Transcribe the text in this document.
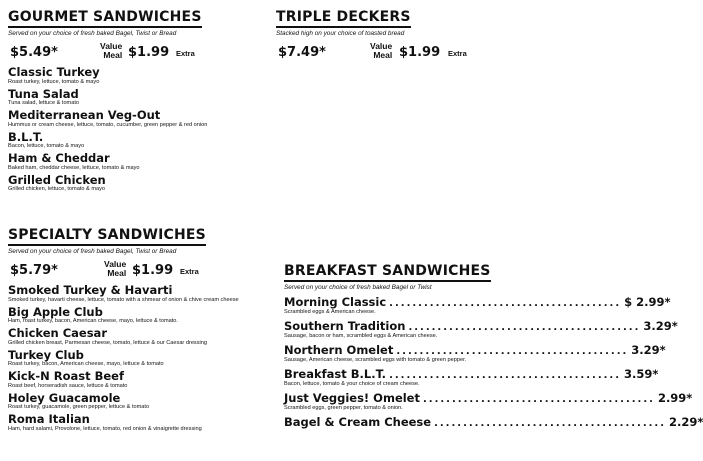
GOURMET SANDWICHES
Served on your choice of fresh baked Bagel, Twist or Bread
$5.49*	Value
Meal $1.99 Extra
Classic Turkey
Roast turkey, lettuce, tomato & mayo
Tuna Salad
Tuna salad, lettuce & tomato
Mediterranean Veg-Out
Hummus or cream cheese, lettuce, tomato, cucumber, green pepper & red onion
B.L.T.
Bacon, lettuce, tomato & mayo
Ham & Cheddar
Baked ham, cheddar cheese, lettuce, tomato & mayo
Grilled Chicken
Grilled chicken, lettuce, tomato & mayo
TRIPLE DECKERS
Stacked high on your choice of toasted bread
$7.49*	Value
Meal $1.99 Extra
SPECIALTY SANDWICHES
Served on your choice of fresh baked Bagel, Twist or Bread
$5.79*	Value
Meal $1.99 Extra
Smoked Turkey & Havarti
Smoked turkey, havarti cheese, lettuce, tomato with a shmear of onion & chive cream cheese
Big Apple Club
Ham, roast turkey, bacon, American cheese, mayo, lettuce & tomato.
Chicken Caesar
Grilled chicken breast, Parmesan cheese, tomato, lettuce & our Caesar dressing
Turkey Club
Roast turkey, bacon, American cheese, mayo, lettuce & tomato
Kick-N Roast Beef
Roast beef, horseradish sauce, lettuce & tomato
Holey Guacamole
Roast turkey, guacamole, green pepper, lettuce & tomato
Roma Italian
Ham, hard salami, Provolone, lettuce, tomato, red onion & vinaigrette dressing
BREAKFAST SANDWICHES
Served on your choice of fresh baked Bagel or Twist
Morning Classic ........................................ $ 2.99*
Scrambled eggs & American cheese.
Southern Tradition ........................................ 3.29*
Sausage, bacon or ham, scrambled eggs & American cheese.
Northern Omelet ........................................ 3.29*
Sausage, American cheese, scrambled eggs with tomato & green pepper.
Breakfast B.L.T. ........................................ 3.59*
Bacon, lettuce, tomato & your choice of cream cheese.
Just Veggies! Omelet ........................................ 2.99*
Scrambled eggs, green pepper, tomato & onion.
Bagel & Cream Cheese ........................................ 2.29*
